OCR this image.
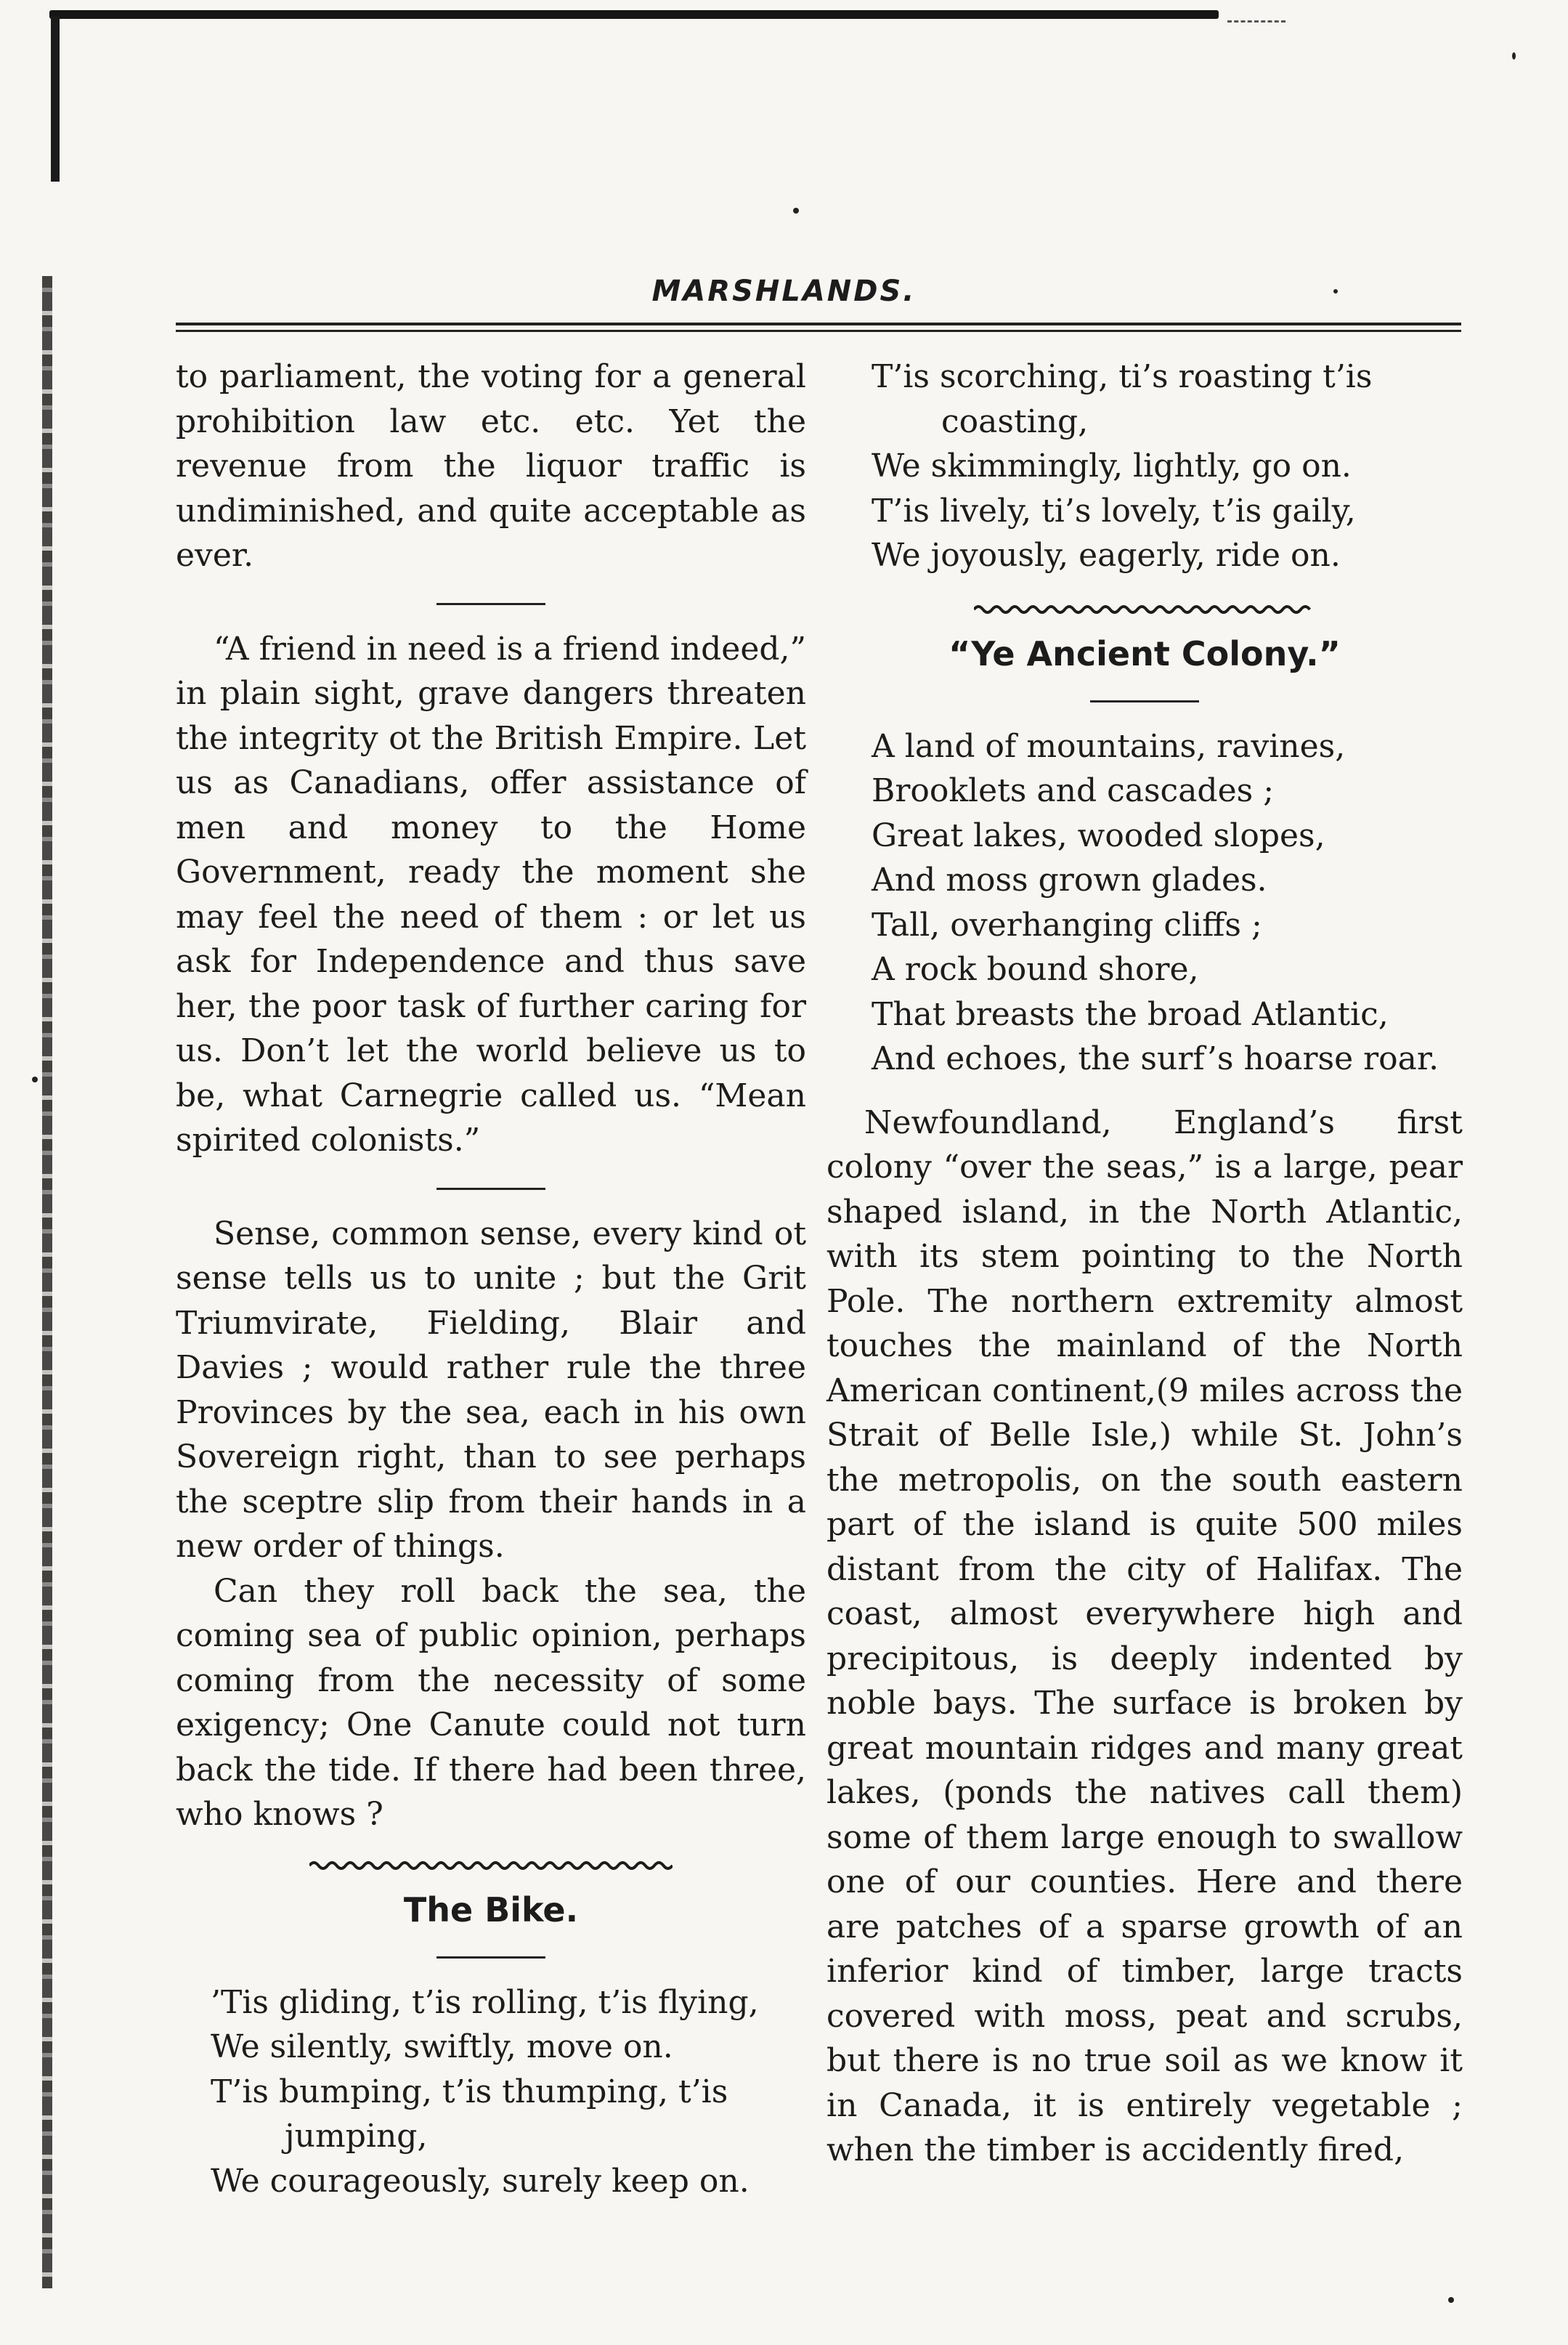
MARSHLANDS.

to parliament, the voting for a general prohibition law etc. etc. Yet the revenue from the liquor traffic is undiminished, and quite acceptable as ever.

“A friend in need is a friend indeed,” in plain sight, grave dangers threaten the integrity ot the British Empire. Let us as Canadians, offer assistance of men and money to the Home Government, ready the moment she may feel the need of them : or let us ask for Independence and thus save her, the poor task of further caring for us. Don’t let the world believe us to be, what Carnegrie called us. “Mean spirited colonists.”

Sense, common sense, every kind ot sense tells us to unite ; but the Grit Triumvirate, Fielding, Blair and Davies ; would rather rule the three Provinces by the sea, each in his own Sovereign right, than to see perhaps the sceptre slip from their hands in a new order of things.

Can they roll back the sea, the coming sea of public opinion, perhaps coming from the necessity of some exigency; One Canute could not turn back the tide. If there had been three, who knows ?

The Bike.
’Tis gliding, t’is rolling, t’is flying,
We silently, swiftly, move on.
T’is bumping, t’is thumping, t’is
jumping,
We courageously, surely keep on.
T’is scorching, ti’s roasting t’is
coasting,
We skimmingly, lightly, go on.
T’is lively, ti’s lovely, t’is gaily,
We joyously, eagerly, ride on.
“Ye Ancient Colony.”
A land of mountains, ravines,
Brooklets and cascades ;
Great lakes, wooded slopes,
And moss grown glades.
Tall, overhanging cliffs ;
A rock bound shore,
That breasts the broad Atlantic,
And echoes, the surf’s hoarse roar.

Newfoundland, England’s first colony “over the seas,” is a large, pear shaped island, in the North Atlantic, with its stem pointing to the North Pole. The northern extremity almost touches the mainland of the North American continent,(9 miles across the Strait of Belle Isle,) while St. John’s the metropolis, on the south eastern part of the island is quite 500 miles distant from the city of Halifax. The coast, almost everywhere high and precipitous, is deeply indented by noble bays. The surface is broken by great mountain ridges and many great lakes, (ponds the natives call them) some of them large enough to swallow one of our counties. Here and there are patches of a sparse growth of an inferior kind of timber, large tracts covered with moss, peat and scrubs, but there is no true soil as we know it in Canada, it is entirely vegetable ; when the timber is accidently fired,
